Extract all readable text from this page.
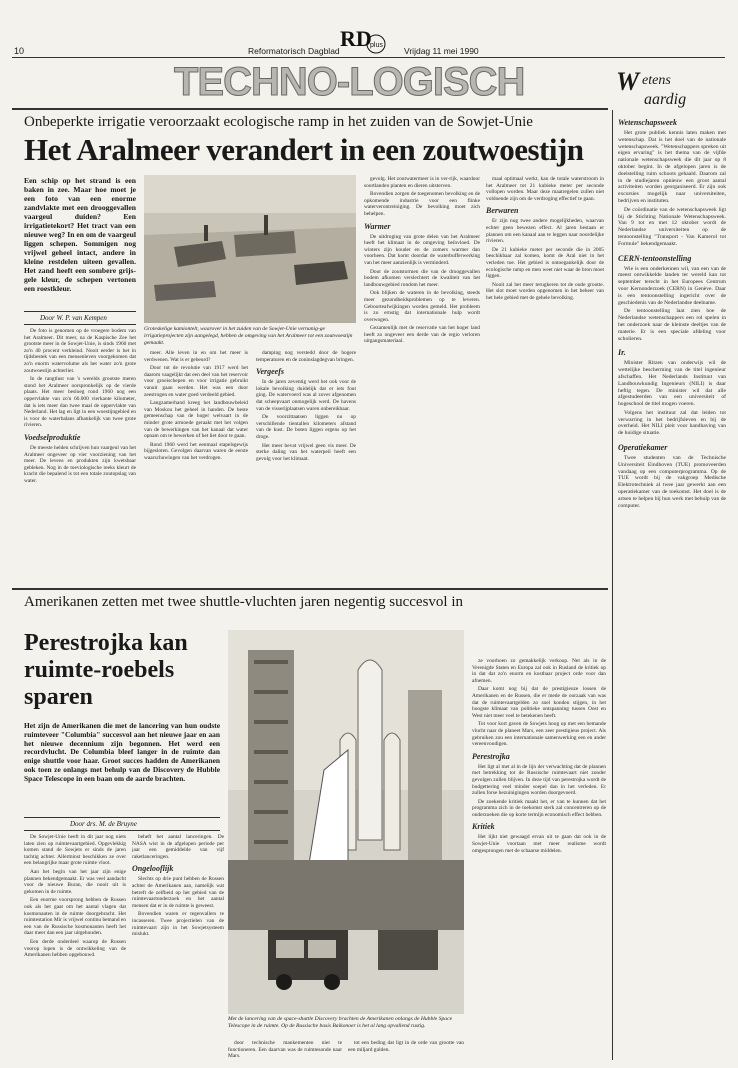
10	Reformatorisch Dagblad RD
plus
Vrijdag 11 mei 1990
TECHNO-LOGISCH	W etens
aardig
Onbeperkte irrigatie veroorzaakt ecologische ramp in het zuiden van de Sowjet-Unie
Het Aralmeer verandert in een zoutwoestijn
Een schip op het strand is een baken in zee. Maar hoe moet je een foto van een enorme zandvlakte met een drooggevallen vaargeul duiden? Een irrigatietekort? Het tract van een nieuwe weg? In en om de vaargeul liggen schepen. Sommigen nog vrijwel geheel intact, andere in kleine restdelen uiteen gevallen. Het zand heeft een sombere grijs-gele kleur, de schepen vertonen een roestkleur.
Door W. P. van Kempen

De foto is genomen op de vroegere bodem van het Aralmeer. Dit meer, na de Kaspische Zee het grootste meer in de Sowjet-Unie, is sinds 1960 met zo'n 40 procent verkleind. Nooit eerder is het in tijdsbestek van een mensenleven voorgekomen dat zo'n enorm watervolume als het water zo'n grote zoutwoestijn achterliet.

In de rangtlust van 's werelds grootste meren stond het Aralmeer oorspronkelijk op de vierde plaats. Het meer besloeg rond 1960 nog een oppervlakte van zo'n 66.000 vierkante kilometer, dat is iets meer dan twee maal de oppervlakte van Nederland. Het lag en ligt in een woestijngebied en is voor de waterbalans afhankelijk van twee grote rivieren.

Voedselproduktie

De meeste helden schrijven hun vaargeul van het Aralmeer ongeveer op vier voorziening van het meer. De levens en produkten zijn kwetsbaar gebleken. Nog in de toeviologische reeks kleurt de kracht die bepalend is tot een totale zoutopslag van water.

Groteskelige kamiontelt, waarover in het zuiden van de Sowjet-Unie vernanig-ge irrigatieprojecten zijn aangelegd, hebben de omgeving van het Aralmeer tot een zoutwoestijn gemaakt.

meer. Alle leven in en om het meer is verdwenen. Wat is er gebeurd?

Door tot de revolutie van 1917 werd het daarom vaagelijkt dat een deel van het reservoir voor groeischepen en voor irrigatie gebruikt vanuit gaan werden. Het was een door zeestrogen en water goed verdeeld gebied.

Langzamerhand kreeg het landbouwbeleid van Moskou het geheel in handen. De beste gemeenschap van de hoger welvaart in de minder grote armoede geraakt met het volgen van de bewerkingen van het kanaal dat water opnam om te bewerken of het liet door te gaan.

Rond 1960 werd het eenmaal stapelsgewijs bijgesloten. Gevolgen daarvan waren de eerste waarschuwingen van het verdrogen.

damping nog verstedd door de hogere temperaturen en de zoninslagdegvan bringen.

Vergeefs

In de jaren zeventig werd het ook voor de lokale bevolking duidelijk dat er iets fout ging. De watervoerd was al zover afgenomen dat scheepvaart onmogelijk werd. De havens van de visserijplaatsen waren onbereikbaar.

De voorzittaatsen liggen nu op verschillende tientallen kilometers afstand van de kust. De boten liggen ergens op het droge.

Het meer bevat vrijwel geen vis meer. De sterke daling van het waterpeil heeft een gevolg voor het klimaat.

gevolg. Het zoutwatermeer is in ver-rijk, waardoor soortlanden planten en dieren uitsterven.

Bovendien zorgen de toegenomen bevolking en de opkomende industrie voor een flinke waterverontreiniging. De bevolking moet zich behelpen.

Warmer

De uitdroging van grote delen van het Aralmeer heeft het klimaat in de omgeving beïnvloed. De winters zijn kouder en de zomers warmer dan voorheen. Dat komt doordat de waterbufferwerking van het meer aanzienlijk is verminderd.

Door de zoutstormen die van de drooggevallen bodem afkomen verslechtert de kwaliteit van het landbouwgebied rondom het meer.

Ook blijken de wateren in de bevolking, steeds meer gezondheidsproblemen op te leveren. Geboorteafwijkingen worden gemeld. Het probleem is zo ernstig dat internationale hulp wordt overwogen.

Gezamenlijk met de reservatie van het hoger land heeft zo ongeveer een derde van de regio verloren uitgangsmateriaal.

maal optimaal werkt, kan de totale waterstroom in het Aralmeer tot 21 kubieke meter per seconde vollopen worden. Maar deze maatregelen zullen niet voldoende zijn om de verdroging effectief te gaan.

Berwaren

Er zijn nog twee andere mogelijkheden, waarvan echter geen bewezen effect. Al jaren bestaan er plannen om een kanaal aan te leggen naar noordelijke rivieren.

De 21 kubieke meter per seconde die in 2005 beschikbaar zal komen, komt de Aral niet in het verleden toe. Het gebied is ontoegankelijk door de ecologische ramp en men weet niet waar de bron moet liggen.

Nooit zal het meer terugkeren tot de oude grootte. Het slot moet worden opgenomen in het beheer van het hele gebied met de gehele bevolking.

Amerikanen zetten met twee shuttle-vluchten jaren negentig succesvol in
Perestrojka kan ruimte-roebels sparen
Het zijn de Amerikanen die met de lancering van hun oudste ruimteveer "Columbia" succesvol aan het nieuwe jaar en aan het nieuwe decennium zijn begonnen. Het werd een recordvlucht. De Columbia bleef langer in de ruimte dan enige shuttle voor haar. Groot succes hadden de Amerikanen ook toen ze onlangs met behulp van de Discovery de Hubble Space Telescope in een baan om de aarde brachten.
Door drs. M. de Bruyne

De Sowjet-Unie heeft in dit jaar nog niets laten zien op ruimtevaartgebied. Opgevlekkig komen stand de Sowjets er sinds de jaren tachtig achter. Allerminst beschikken ze over een belangrijke maar grote ruimte vloot.

Aan het begin van het jaar zijn enige plannen bekendgemaakt. Er was veel aandacht voor de nieuwe Buran, die nooit uit is gekomen in de ruimte.

Een enorme voorsprong hebben de Russen ook als het gaat om het aantal vlagen dat kosmonauten in de ruimte doorgebracht. Het ruimtestation Mir is vrijwel continu bemand en een van de Russische kosmonauten heeft het daar meer dan een jaar uitgehouden.

Een derde onderdeel waarop de Russen voorop lopen is de ontwikkeling van de Amerikanen hebben opgebouwd.

beheft het aantal lanceringen. De NASA wist in de afgelopen periode per jaar een gemiddelde van vijf raketlanceringen.

Ongelooflijk

Slechts op drie punt hebben de Russen achter de Amerikanen aan, namelijk wat betreft de zelfheid op het gebied van de ruimtevaartonderzoek en het aantal mensen dat er in de ruimte is geweest.

Bovendien waren er tegenvallers te incasseren. Twee projectielen van de ruimtevaart zijn in het Sowjetsysteem mislukt.

Met de lancering van de space-shuttle Discovery brachten de Amerikanen onlangs de Hubble Space Telescope in de ruimte. Op de Russische basis Baikonoer is het al lang opvallend rustig.

door technische mankementen niet te functioneren. Een daarvan was de ruimtesonde naar Mars.

tot een beding dat ligt in de orde van grootte van een miljard gulden.

ze voorhoen zo gemakkelijk verkoop. Net als in de Verenigde Staten en Europa zal ook in Rusland de kritiek op in dat dat zo'n enorm en kostbaar project orde voor dan afnemen.

Daar komt nog bij dat de prestigieuze lossen de Amerikanen en de Russen, die er mede de oorzaak van was dat de ruimtevaartgelden zo snel konden stijgen, in het hoogste klimaat van politieke ontspanning tussen Oost en West niet meer veel te betekenen heeft.

Tot voor kort gaven de Sowjets hoog op met een bemande vlucht naar de planeet Mars, een zeer prestigieus project. Als gebruiken zou een internationale samenwerking een en ander vereenvoudigen.

Perestrojka

Het ligt al met al in de lijn der verwachting dat de plannen met betrekking tot de Russische ruimtevaart niet zonder gevolgen zullen blijven. In deze tijd van perestrojka wordt de budgettering veel minder soepel dan in het verleden. Er zullen forse bezuinigingen worden doorgevoerd.

De zoekende kritiek maakt het, er van te kunnen dat het programma zich in de toekomst sterk zal concentreren op de onderzoeken die op korte termijn economisch effect hebben.

Kritiek

Het lijkt niet gewaagd ervan uit te gaan dat ook in de Sowjet-Unie voortaan met meer realisme wordt omgesprongen met de schaarse middelen.

Wetenschapsweek

Het grote publiek kennis laten maken met wetenschap. Dat is het doel van de nationale wetenschapsweek. "Wetenschappers spreken uit eigen ervaring" is het thema van de vijfde nationale wetenschapsweek die dit jaar op 8 oktober begint. In de afgelopen jaren is de doelstelling ruim schoots gehaald. Daarom zal in de studiejaren opnieuw een groot aantal activiteiten worden georganiseerd. Er zijn ook excursies mogelijk naar universiteiten, bedrijven en instituten.

De coördinatie van de wetenschapsweek ligt bij de Stichting Nationale Wetenschapsweek. Van 9 tot en met 12 oktober wordt de Nederlandse universiteiten op de tentoonstelling "Transport - Van Kamerol tot Formule" bekendgemaakt.

CERN-tentoonstelling

Wie is een onderkennen wil, van een van de meest ontwikkelde landen ter wereld kan tot september terecht in het Europees Centrum voor Kernonderzoek (CERN) in Genève. Daar is een tentoonstelling ingericht over de geschiedenis van de Nederlandse deelname.

De tentoonstelling laat zien hoe de Nederlandse wetenschappers een rol spelen in het onderzoek naar de kleinste deeltjes van de materie. Er is een speciale afdeling voor scholieren.

Ir.

Minister Ritzen van onderwijs wil de wettelijke bescherming van de titel ingenieur afschaffen. Het Nederlands Instituut van Landbouwkundig Ingenieurs (NILI) is daar heftig tegen. De minister wil dat alle afgestudeerden van een universiteit of hogeschool de titel mogen voeren.

Volgens het instituut zal dat leiden tot verwarring in het bedrijfsleven en bij de overheid. Het NILI pleit voor handhaving van de huidige situatie.

Operatiekamer

Twee studenten van de Technische Universiteit Eindhoven (TUE) promoveerden vandaag op een computerprogramma. Op de TUE wordt bij de vakgroep Medische Elektrotechniek al twee jaar gewerkt aan een operatiekamer van de toekomst. Het doel is de artsen te helpen bij hun werk met behulp van de computer.
